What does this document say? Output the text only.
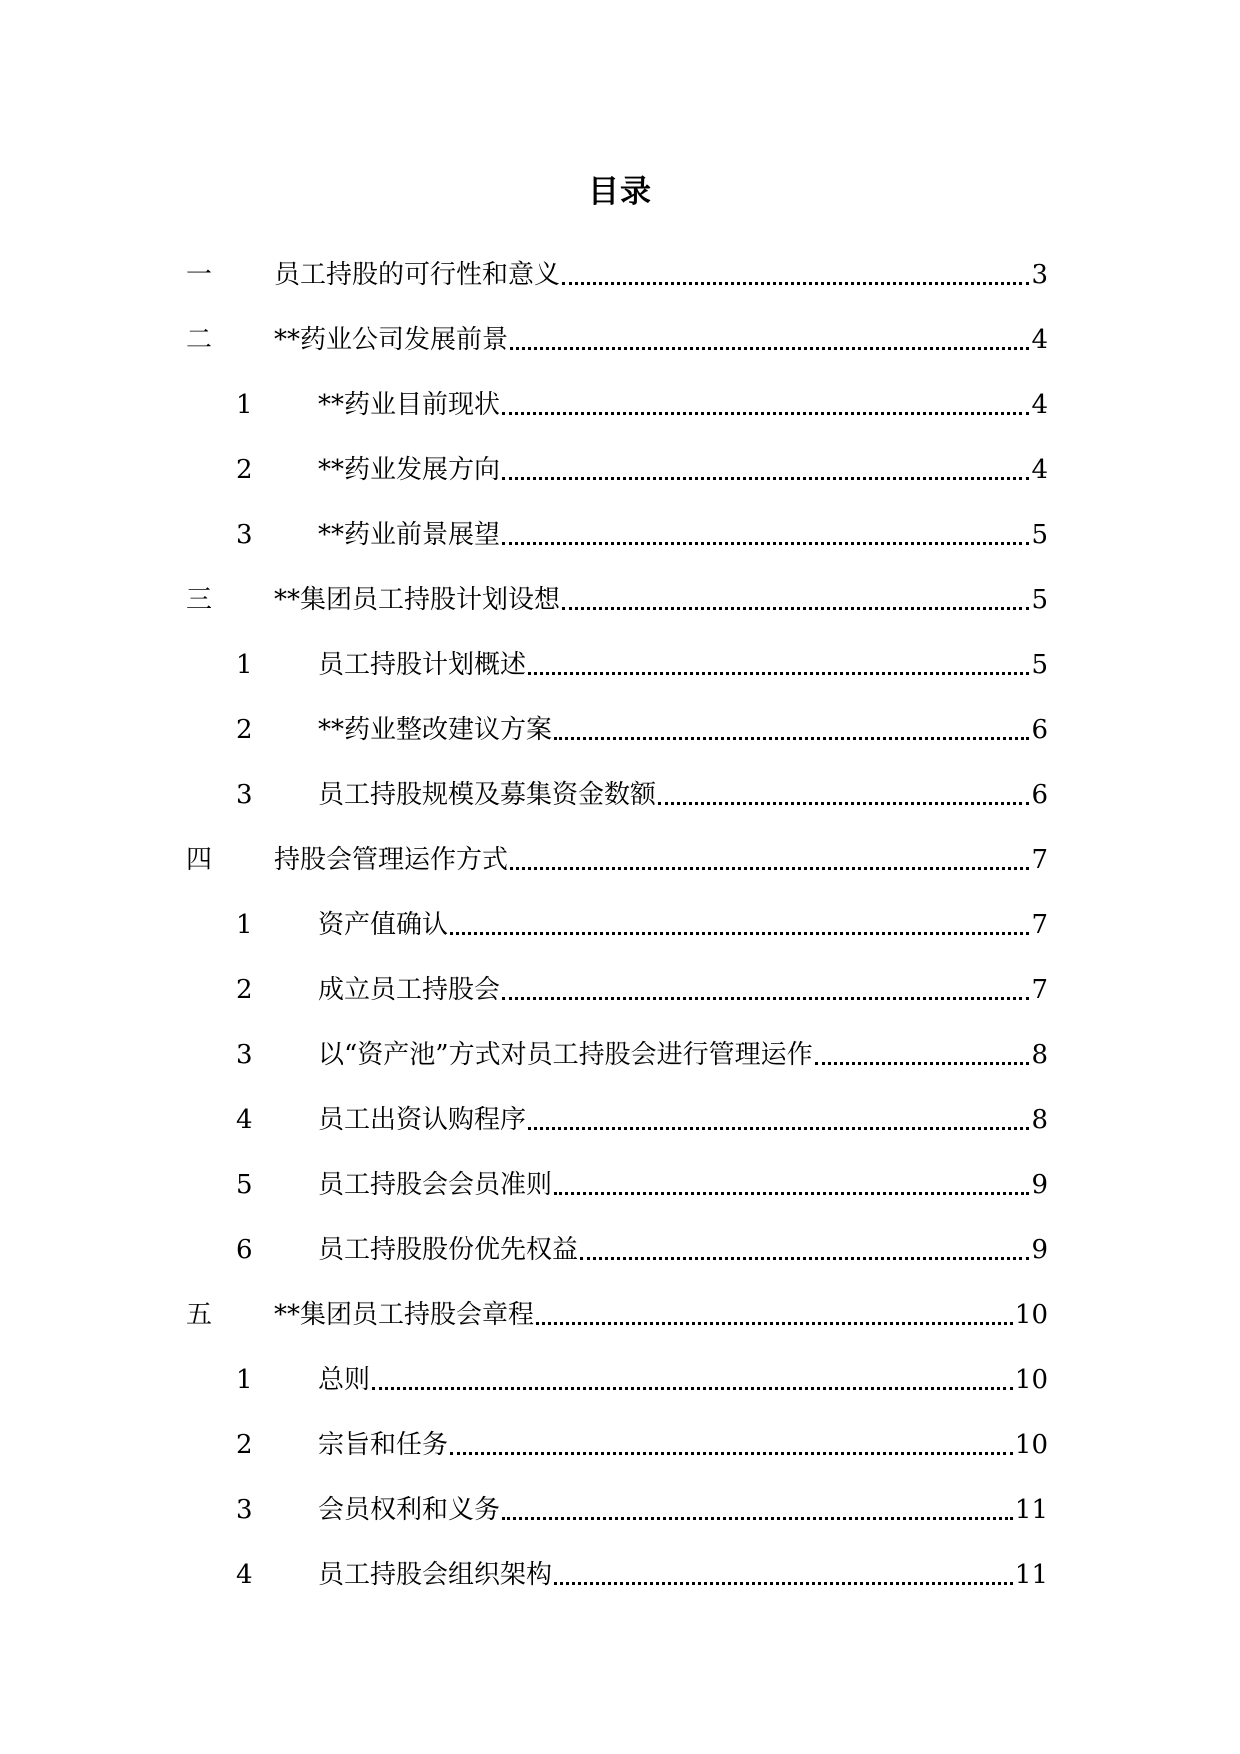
目录
一	员工持股的可行性和意义	3
二	**药业公司发展前景	4
1	**药业目前现状	4
2	**药业发展方向	4
3	**药业前景展望	5
三	**集团员工持股计划设想	5
1	员工持股计划概述	5
2	**药业整改建议方案	6
3	员工持股规模及募集资金数额	6
四	持股会管理运作方式	7
1	资产值确认	7
2	成立员工持股会	7
3	以“资产池”方式对员工持股会进行管理运作	8
4	员工出资认购程序	8
5	员工持股会会员准则	9
6	员工持股股份优先权益	9
五	**集团员工持股会章程	10
1	总则	10
2	宗旨和任务	10
3	会员权利和义务	11
4	员工持股会组织架构	11
